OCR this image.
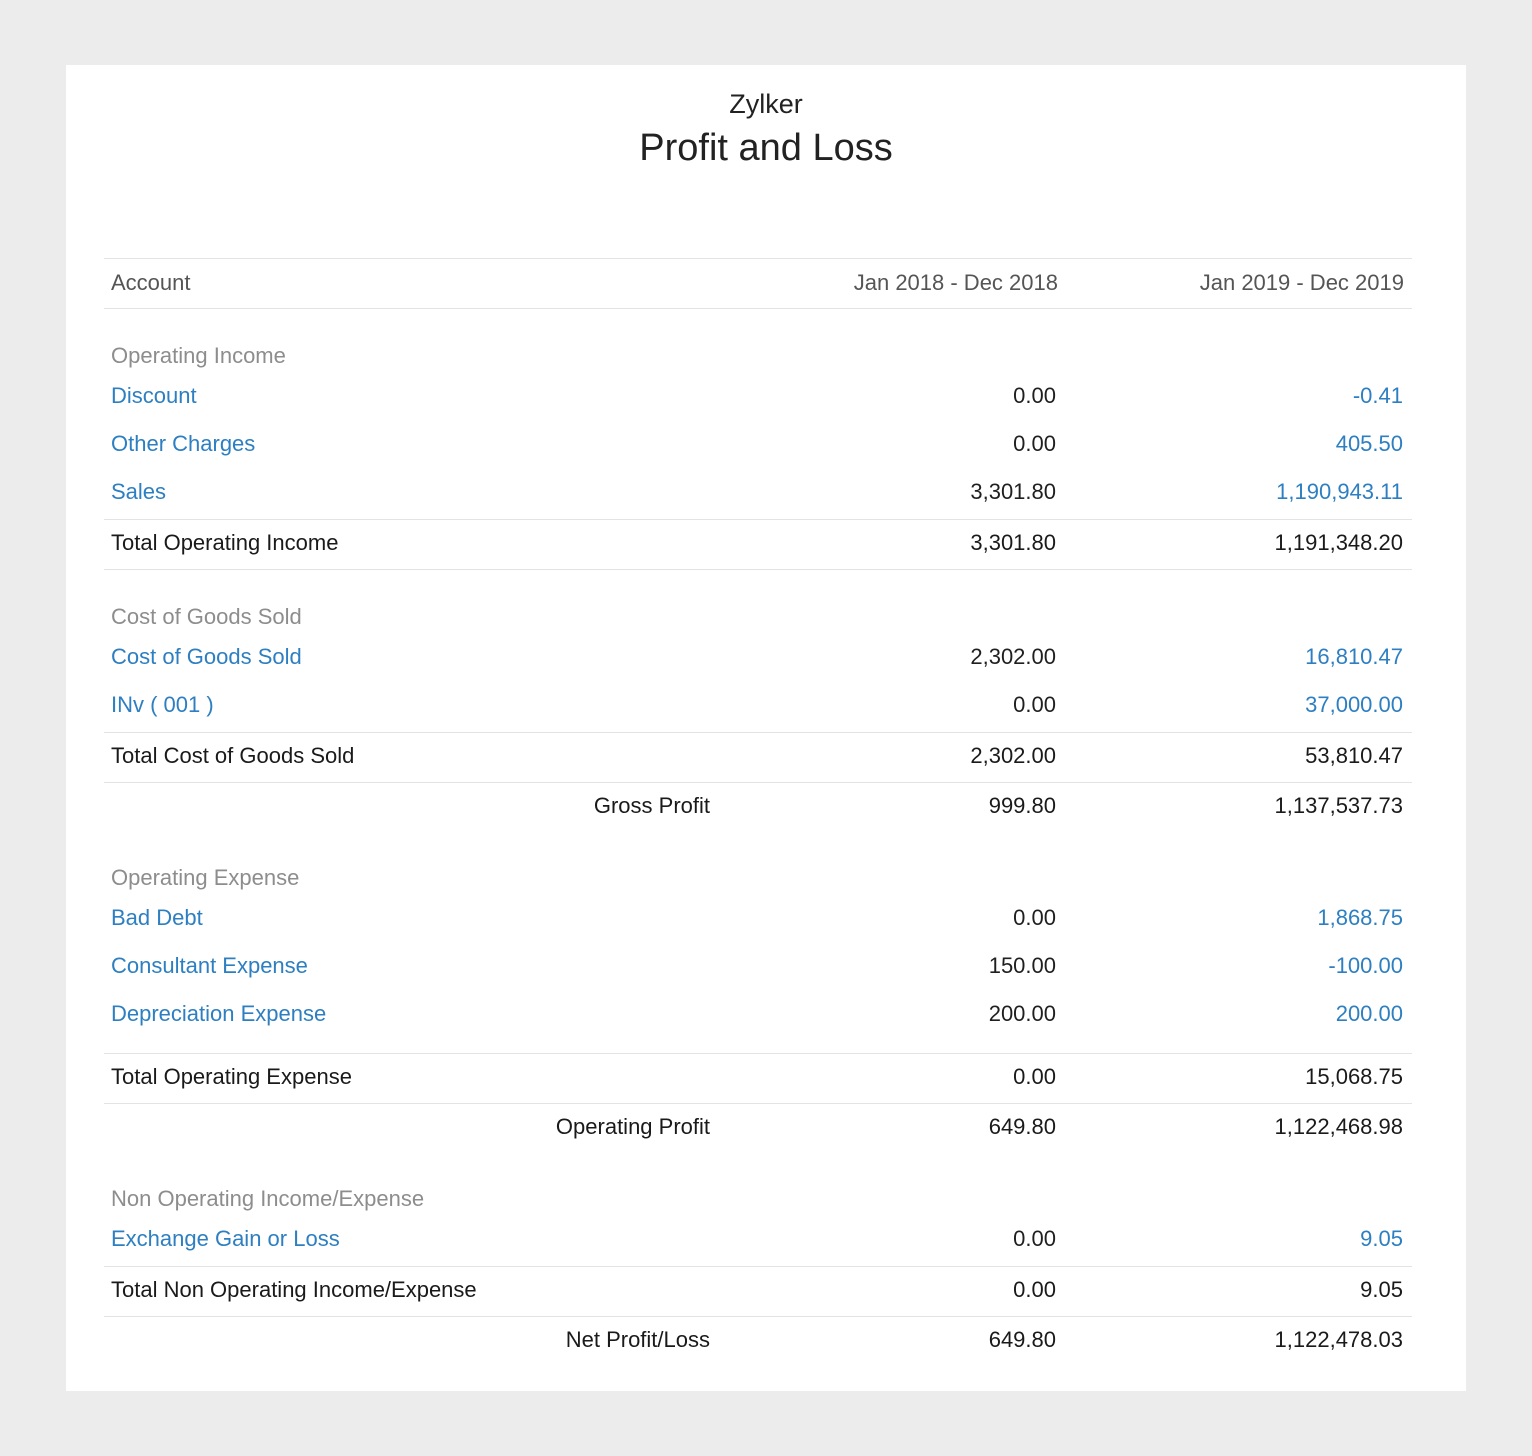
Zylker
Profit and Loss
Account	Jan 2018 - Dec 2018	Jan 2019 - Dec 2019
Operating Income
Discount	0.00	-0.41
Other Charges	0.00	405.50
Sales	3,301.80	1,190,943.11
Total Operating Income	3,301.80	1,191,348.20
Cost of Goods Sold
Cost of Goods Sold	2,302.00	16,810.47
INv ( 001 )	0.00	37,000.00
Total Cost of Goods Sold	2,302.00	53,810.47
Gross Profit	999.80	1,137,537.73
Operating Expense
Bad Debt	0.00	1,868.75
Consultant Expense	150.00	-100.00
Depreciation Expense	200.00	200.00
Total Operating Expense	0.00	15,068.75
Operating Profit	649.80	1,122,468.98
Non Operating Income/Expense
Exchange Gain or Loss	0.00	9.05
Total Non Operating Income/Expense	0.00	9.05
Net Profit/Loss	649.80	1,122,478.03
